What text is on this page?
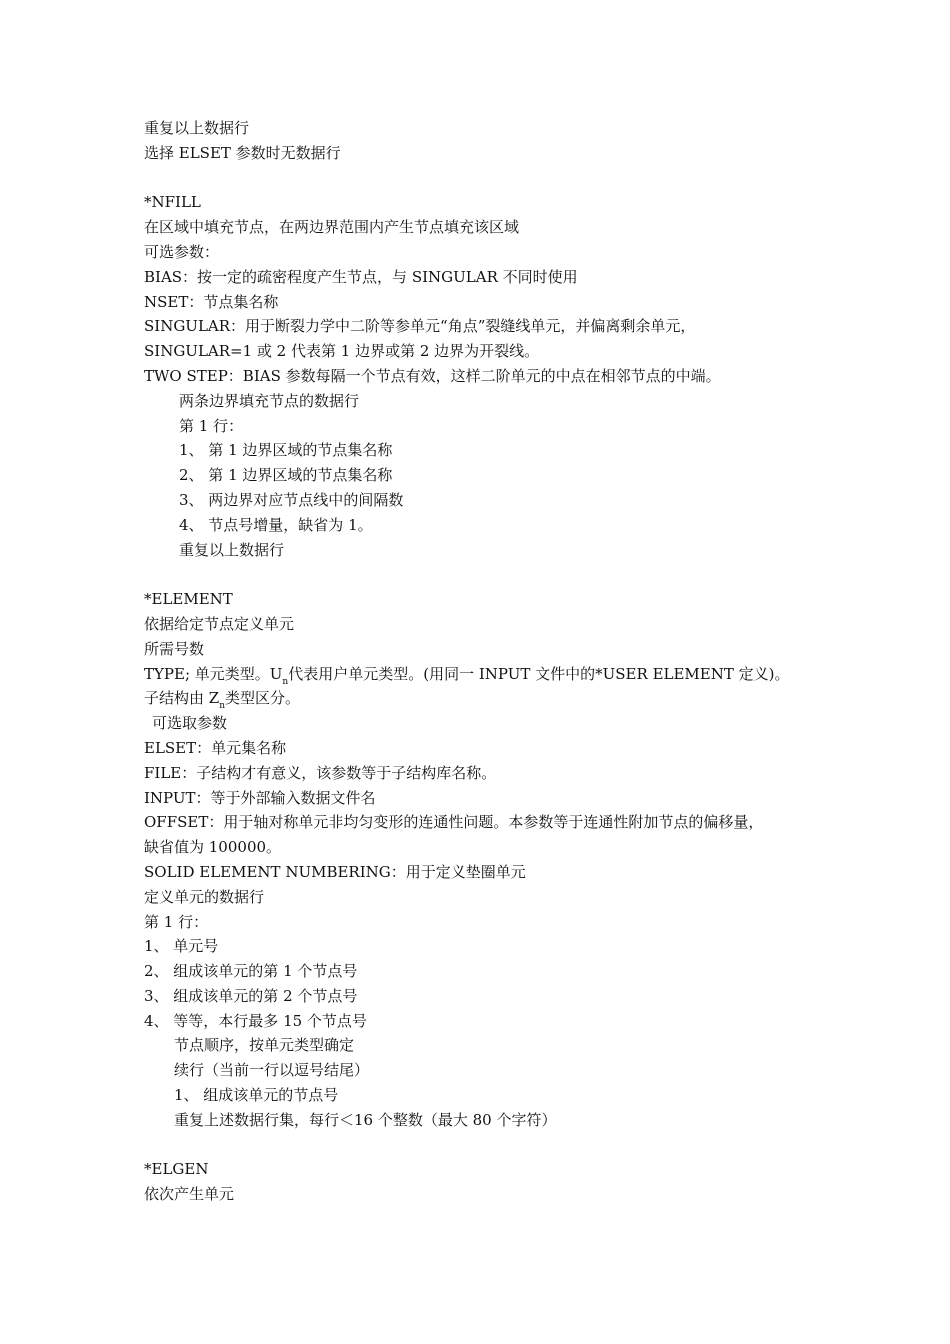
重复以上数据行
选择 ELSET 参数时无数据行
*NFILL
在区域中填充节点，在两边界范围内产生节点填充该区域
可选参数：
BIAS：按一定的疏密程度产生节点，与 SINGULAR 不同时使用
NSET：节点集名称
SINGULAR：用于断裂力学中二阶等参单元“角点”裂缝线单元，并偏离剩余单元，
SINGULAR=1 或 2 代表第 1 边界或第 2 边界为开裂线。
TWO STEP：BIAS 参数每隔一个节点有效，这样二阶单元的中点在相邻节点的中端。
两条边界填充节点的数据行
第 1 行：
1、 第 1 边界区域的节点集名称
2、 第 1 边界区域的节点集名称
3、 两边界对应节点线中的间隔数
4、 节点号增量，缺省为 1。
重复以上数据行
*ELEMENT
依据给定节点定义单元
所需号数
TYPE; 单元类型。$U_n$代表用户单元类型。(用同一 INPUT 文件中的*USER ELEMENT 定义)。
子结构由 $Z_n$类型区分。
可选取参数
ELSET：单元集名称
FILE：子结构才有意义，该参数等于子结构库名称。
INPUT：等于外部输入数据文件名
OFFSET：用于轴对称单元非均匀变形的连通性问题。本参数等于连通性附加节点的偏移量，
缺省值为 100000。
SOLID ELEMENT NUMBERING：用于定义垫圈单元
定义单元的数据行
第 1 行：
1、 单元号
2、 组成该单元的第 1 个节点号
3、 组成该单元的第 2 个节点号
4、 等等，本行最多 15 个节点号
节点顺序，按单元类型确定
续行（当前一行以逗号结尾）
1、 组成该单元的节点号
重复上述数据行集，每行＜16 个整数（最大 80 个字符）
*ELGEN
依次产生单元
